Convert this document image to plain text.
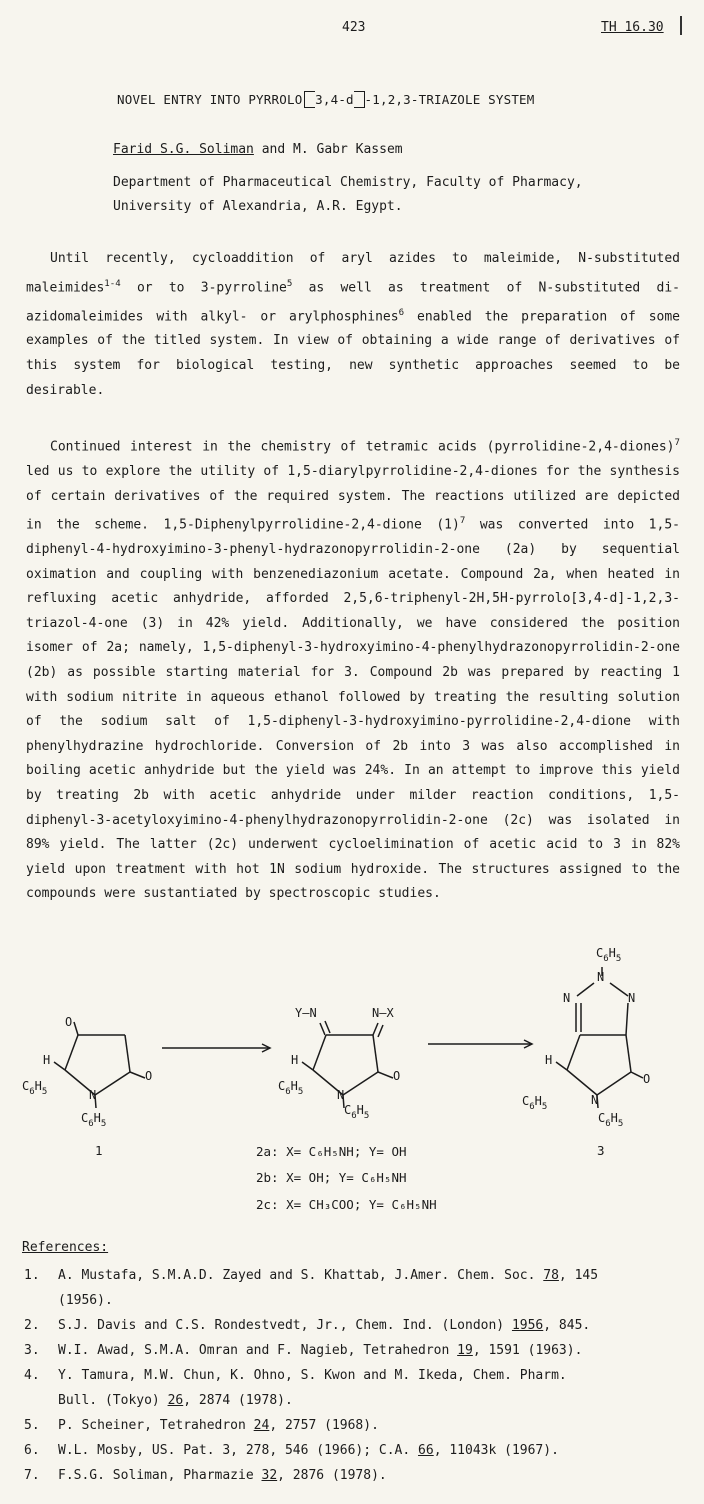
423	TH 16.30
NOVEL ENTRY INTO PYRROLO 3,4-d -1,2,3-TRIAZOLE SYSTEM
Farid S.G. Soliman and M. Gabr Kassem
Department of Pharmaceutical Chemistry, Faculty of Pharmacy,
University of Alexandria, A.R. Egypt.

Until recently, cycloaddition of aryl azides to maleimide, N-substituted maleimides$^{1-4}$ or to 3-pyrroline$^5$ as well as treatment of N-substituted di-azidomaleimides with alkyl- or arylphosphines$^6$ enabled the preparation of some examples of the titled system. In view of obtaining a wide range of derivatives of this system for biological testing, new synthetic approaches seemed to be desirable.

Continued interest in the chemistry of tetramic acids (pyrrolidine-2,4-diones)$^7$ led us to explore the utility of 1,5-diarylpyrrolidine-2,4-diones for the synthesis of certain derivatives of the required system. The reactions utilized are depicted in the scheme. 1,5-Diphenylpyrrolidine-2,4-dione $(1)^7$ was converted into 1,5-diphenyl-4-hydroxyimino-3-phenyl-hydrazonopyrrolidin-2-one (2a) by sequential oximation and coupling with benzenediazonium acetate. Compound 2a, when heated in refluxing acetic anhydride, afforded 2,5,6-triphenyl-2H,5H-pyrrolo[3,4-d]-1,2,3-triazol-4-one (3) in 42% yield. Additionally, we have considered the position isomer of 2a; namely, 1,5-diphenyl-3-hydroxyimino-4-phenylhydrazonopyrrolidin-2-one (2b) as possible starting material for 3. Compound 2b was prepared by reacting 1 with sodium nitrite in aqueous ethanol followed by treating the resulting solution of the sodium salt of 1,5-diphenyl-3-hydroxyimino-pyrrolidine-2,4-dione with phenylhydrazine hydrochloride. Conversion of 2b into 3 was also accomplished in boiling acetic anhydride but the yield was 24%. In an attempt to improve this yield by treating 2b with acetic anhydride under milder reaction conditions, 1,5-diphenyl-3-acetyloxyimino-4-phenylhydrazonopyrrolidin-2-one (2c) was isolated in 89% yield. The latter (2c) underwent cycloelimination of acetic acid to 3 in 82% yield upon treatment with hot 1N sodium hydroxide. The structures assigned to the compounds were sustantiated by spectroscopic studies.

O
O
H
N
$C_6H_5$
$C_6H_5$
1
Y—N	N—X
O
H
N
$C_6H_5$
$C_6H_5$
$C_6H_5$
N
N	N
O
H
N
$C_6H_5$
$C_6H_5$
3
2a: X= C₆H₅NH; Y= OH
2b: X= OH; Y= C₆H₅NH
2c: X= CH₃COO; Y= C₆H₅NH
References:
1. A. Mustafa, S.M.A.D. Zayed and S. Khattab, J.Amer. Chem. Soc. 78, 145
(1956).
2. S.J. Davis and C.S. Rondestvedt, Jr., Chem. Ind. (London) 1956, 845.
3. W.I. Awad, S.M.A. Omran and F. Nagieb, Tetrahedron 19, 1591 (1963).
4. Y. Tamura, M.W. Chun, K. Ohno, S. Kwon and M. Ikeda, Chem. Pharm.
Bull. (Tokyo) 26, 2874 (1978).
5. P. Scheiner, Tetrahedron 24, 2757 (1968).
6. W.L. Mosby, US. Pat. 3, 278, 546 (1966); C.A. 66, 11043k (1967).
7. F.S.G. Soliman, Pharmazie 32, 2876 (1978).
